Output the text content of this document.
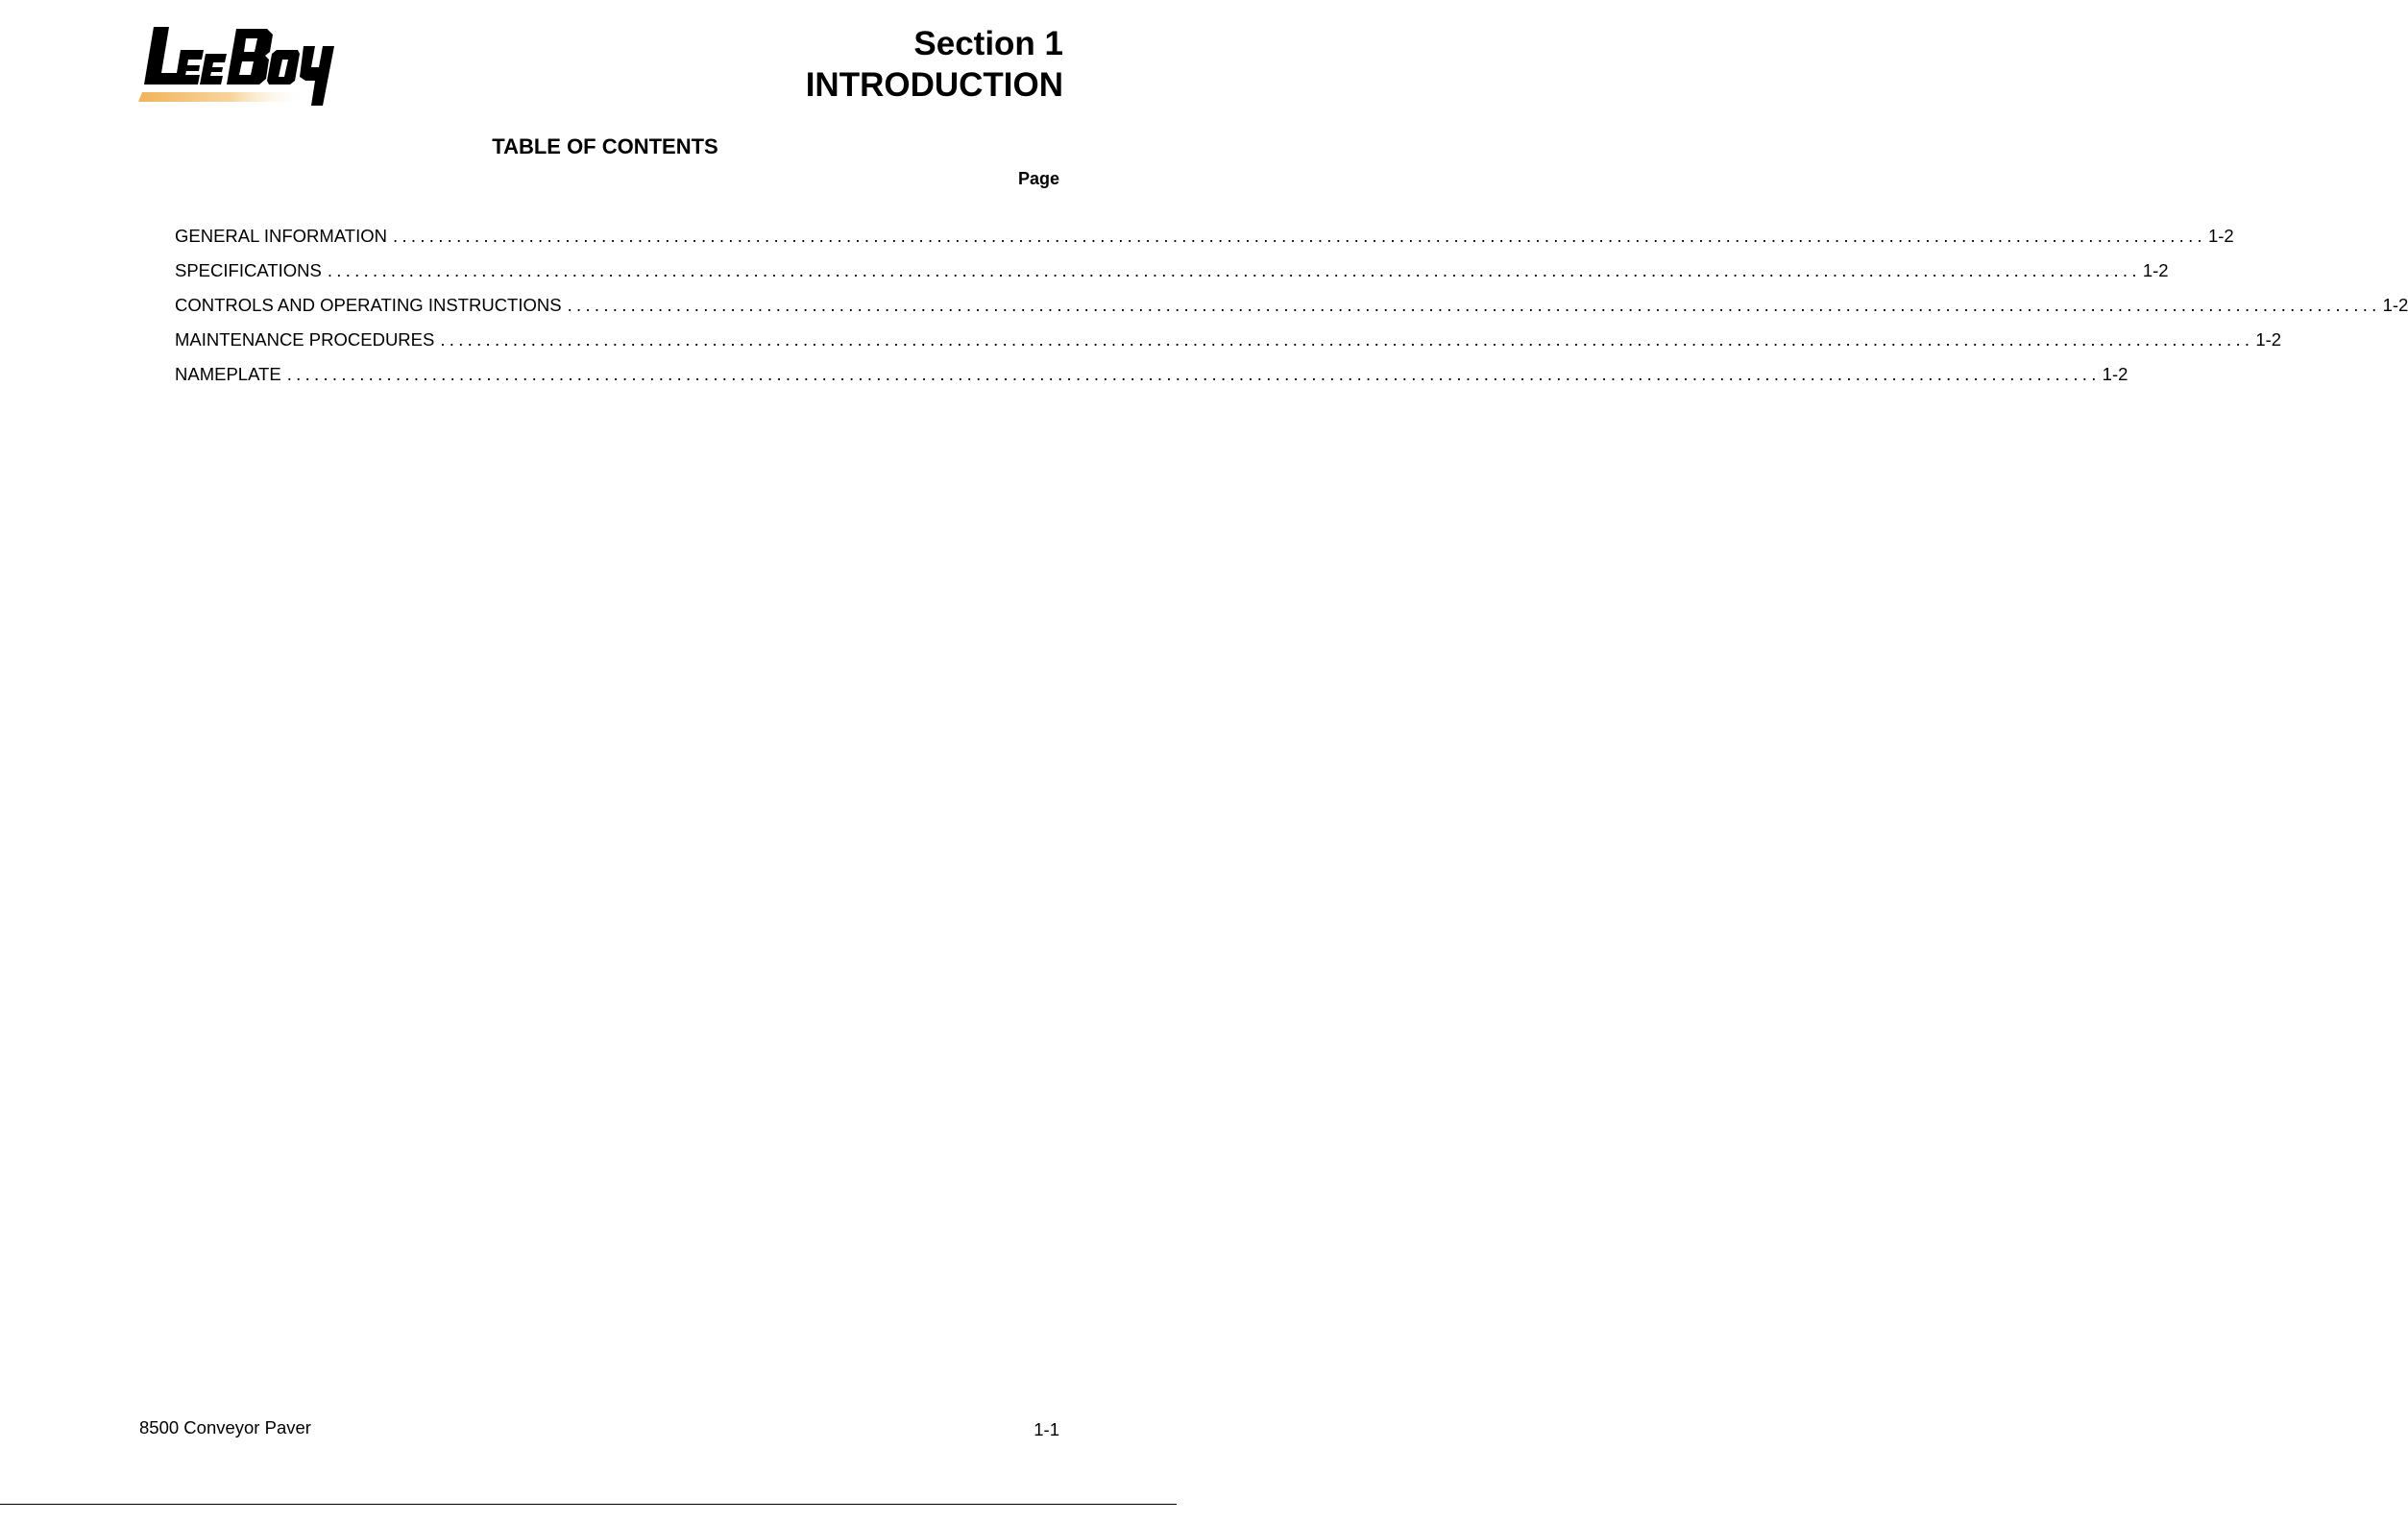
Section 1
INTRODUCTION
TABLE OF CONTENTS
Page
GENERAL INFORMATION ........................................................................................................................................................................................................ 1-2
SPECIFICATIONS ........................................................................................................................................................................................................ 1-2
CONTROLS AND OPERATING INSTRUCTIONS ........................................................................................................................................................................................................ 1-2
MAINTENANCE PROCEDURES ........................................................................................................................................................................................................ 1-2
NAMEPLATE ........................................................................................................................................................................................................ 1-2
8500 Conveyor Paver	1-1
